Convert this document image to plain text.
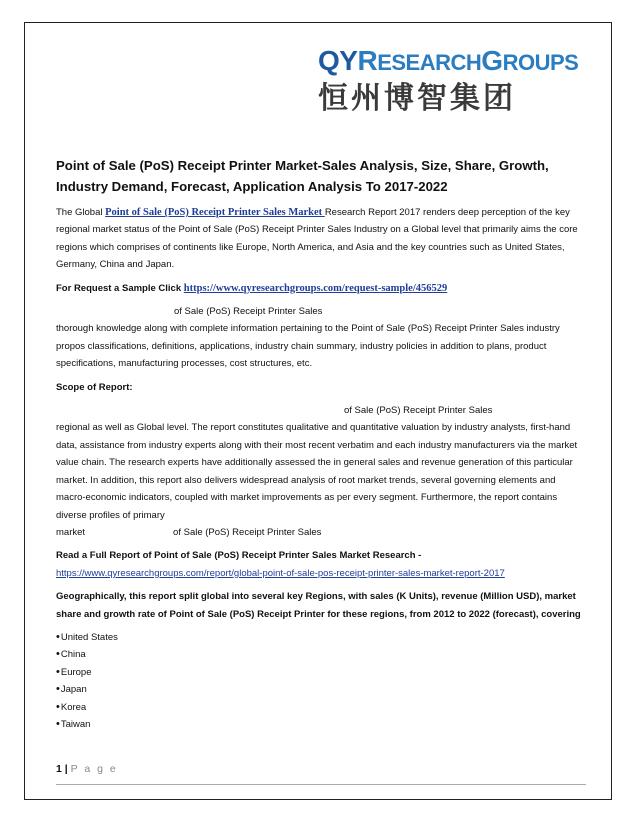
QYRESEARCHGROUPS
恒州博智集团
Point of Sale (PoS) Receipt Printer Market-Sales Analysis, Size, Share, Growth, Industry Demand, Forecast, Application Analysis To 2017-2022

The Global Point of Sale (PoS) Receipt Printer Sales Market Research Report 2017 renders deep perception of the key regional market status of the Point of Sale (PoS) Receipt Printer Sales Industry on a Global level that primarily aims the core regions which comprises of continents like Europe, North America, and Asia and the key countries such as United States, Germany, China and Japan.

For Request a Sample Click https://www.qyresearchgroups.com/request-sample/456529

of Sale (PoS) Receipt Printer Sales
thorough knowledge along with complete information pertaining to the Point of Sale (PoS) Receipt Printer Sales industry propos classifications, definitions, applications, industry chain summary, industry policies in addition to plans, product specifications, manufacturing processes, cost structures, etc.

Scope of Report:

of Sale (PoS) Receipt Printer Sales
regional as well as Global level. The report constitutes qualitative and quantitative valuation by industry analysts, first-hand data, assistance from industry experts along with their most recent verbatim and each industry manufacturers via the market value chain. The research experts have additionally assessed the in general sales and revenue generation of this particular market. In addition, this report also delivers widespread analysis of root market trends, several governing elements and macro-economic indicators, coupled with market improvements as per every segment. Furthermore, the report contains diverse profiles of primary
market	of Sale (PoS) Receipt Printer Sales

Read a Full Report of Point of Sale (PoS) Receipt Printer Sales Market Research -
https://www.qyresearchgroups.com/report/global-point-of-sale-pos-receipt-printer-sales-market-report-2017

Geographically, this report split global into several key Regions, with sales (K Units), revenue (Million USD), market share and growth rate of Point of Sale (PoS) Receipt Printer for these regions, from 2012 to 2022 (forecast), covering

• United States
• China
• Europe
• Japan
• Korea
• Taiwan
1 | P a g e
